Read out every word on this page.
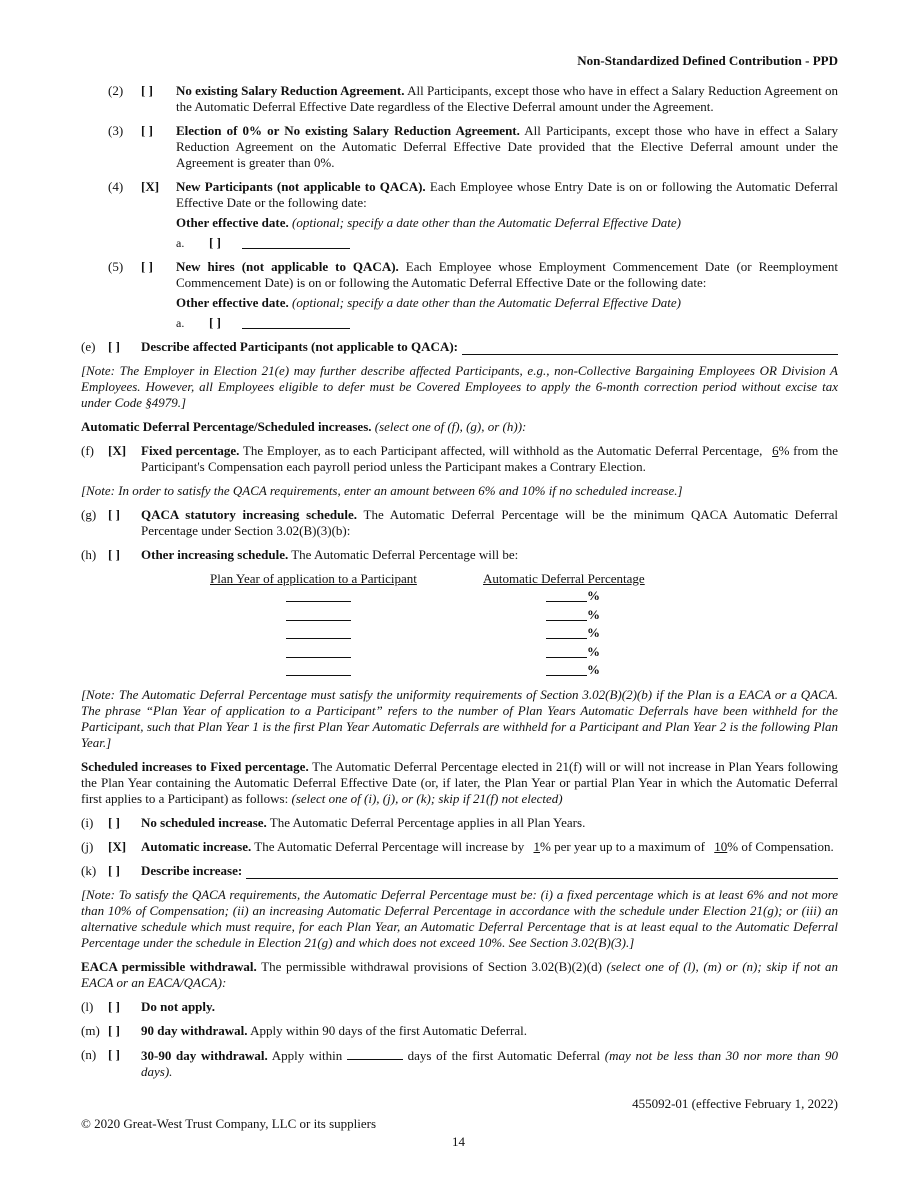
Non-Standardized Defined Contribution - PPD
(2) [ ] No existing Salary Reduction Agreement. All Participants, except those who have in effect a Salary Reduction Agreement on the Automatic Deferral Effective Date regardless of the Elective Deferral amount under the Agreement.
(3) [ ] Election of 0% or No existing Salary Reduction Agreement. All Participants, except those who have in effect a Salary Reduction Agreement on the Automatic Deferral Effective Date provided that the Elective Deferral amount under the Agreement is greater than 0%.
(4) [X] New Participants (not applicable to QACA). Each Employee whose Entry Date is on or following the Automatic Deferral Effective Date or the following date:
Other effective date. (optional; specify a date other than the Automatic Deferral Effective Date)
a. [ ]
(5) [ ] New hires (not applicable to QACA). Each Employee whose Employment Commencement Date (or Reemployment Commencement Date) is on or following the Automatic Deferral Effective Date or the following date:
Other effective date. (optional; specify a date other than the Automatic Deferral Effective Date)
a. [ ]
(e) [ ] Describe affected Participants (not applicable to QACA):
[Note: The Employer in Election 21(e) may further describe affected Participants, e.g., non-Collective Bargaining Employees OR Division A Employees. However, all Employees eligible to defer must be Covered Employees to apply the 6-month correction period without excise tax under Code §4979.]
Automatic Deferral Percentage/Scheduled increases. (select one of (f), (g), or (h)):
(f) [X] Fixed percentage. The Employer, as to each Participant affected, will withhold as the Automatic Deferral Percentage, 6% from the Participant's Compensation each payroll period unless the Participant makes a Contrary Election.
[Note: In order to satisfy the QACA requirements, enter an amount between 6% and 10% if no scheduled increase.]
(g) [ ] QACA statutory increasing schedule. The Automatic Deferral Percentage will be the minimum QACA Automatic Deferral Percentage under Section 3.02(B)(3)(b):
(h) [ ] Other increasing schedule. The Automatic Deferral Percentage will be:
Plan Year of application to a Participant	Automatic Deferral Percentage
%
%
%
%
%
[Note: The Automatic Deferral Percentage must satisfy the uniformity requirements of Section 3.02(B)(2)(b) if the Plan is a EACA or a QACA. The phrase “Plan Year of application to a Participant” refers to the number of Plan Years Automatic Deferrals have been withheld for the Participant, such that Plan Year 1 is the first Plan Year Automatic Deferrals are withheld for a Participant and Plan Year 2 is the following Plan Year.]
Scheduled increases to Fixed percentage. The Automatic Deferral Percentage elected in 21(f) will or will not increase in Plan Years following the Plan Year containing the Automatic Deferral Effective Date (or, if later, the Plan Year or partial Plan Year in which the Automatic Deferral first applies to a Participant) as follows: (select one of (i), (j), or (k); skip if 21(f) not elected)
(i) [ ] No scheduled increase. The Automatic Deferral Percentage applies in all Plan Years.
(j) [X] Automatic increase. The Automatic Deferral Percentage will increase by 1% per year up to a maximum of 10% of Compensation.
(k) [ ] Describe increase:
[Note: To satisfy the QACA requirements, the Automatic Deferral Percentage must be: (i) a fixed percentage which is at least 6% and not more than 10% of Compensation; (ii) an increasing Automatic Deferral Percentage in accordance with the schedule under Election 21(g); or (iii) an alternative schedule which must require, for each Plan Year, an Automatic Deferral Percentage that is at least equal to the Automatic Deferral Percentage under the schedule in Election 21(g) and which does not exceed 10%. See Section 3.02(B)(3).]
EACA permissible withdrawal. The permissible withdrawal provisions of Section 3.02(B)(2)(d) (select one of (l), (m) or (n); skip if not an EACA or an EACA/QACA):
(l) [ ] Do not apply.
(m) [ ] 90 day withdrawal. Apply within 90 days of the first Automatic Deferral.
(n) [ ] 30-90 day withdrawal. Apply within	days of the first Automatic Deferral (may not be less than 30 nor more than 90 days).
455092-01 (effective February 1, 2022)
© 2020 Great-West Trust Company, LLC or its suppliers
14
